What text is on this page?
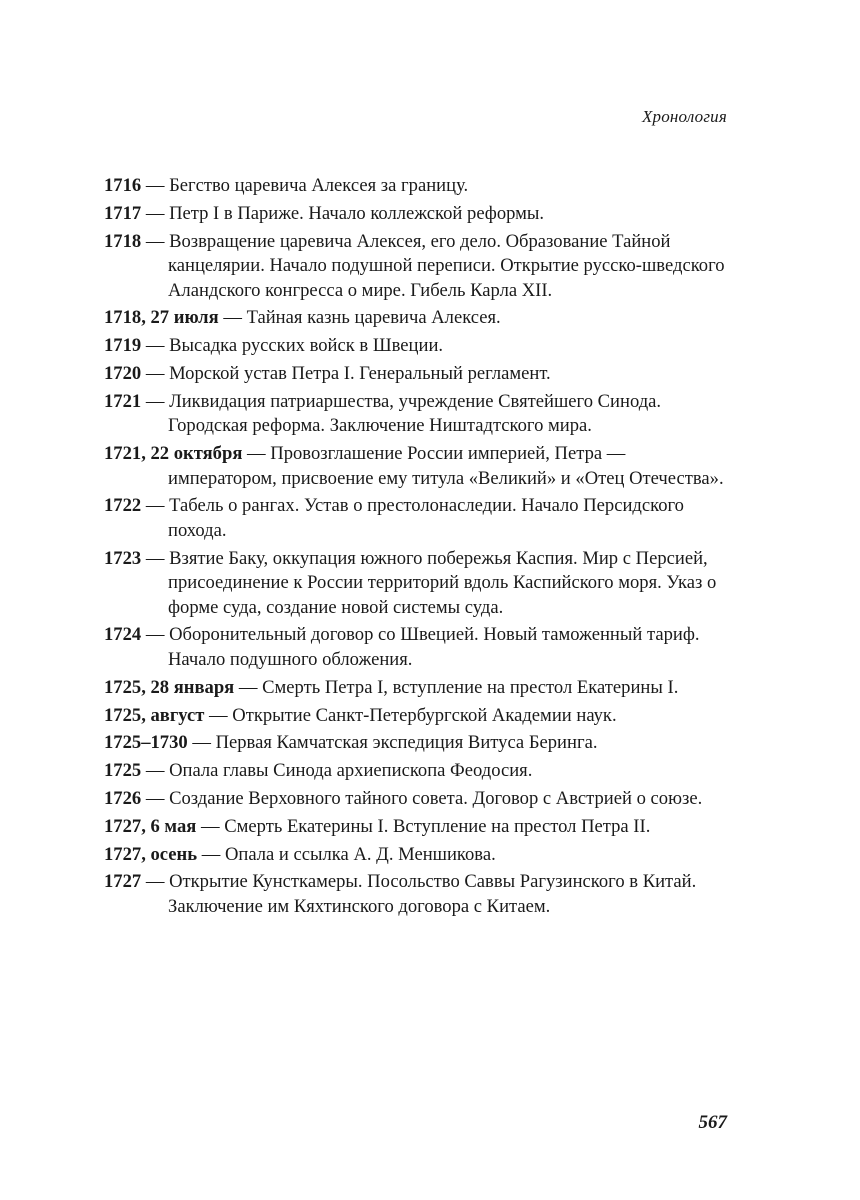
Хронология
1716 — Бегство царевича Алексея за границу.
1717 — Петр I в Париже. Начало коллежской реформы.
1718 — Возвращение царевича Алексея, его дело. Образование Тайной канцелярии. Начало подушной переписи. Открытие русско-шведского Аландского конгресса о мире. Гибель Карла XII.
1718, 27 июля — Тайная казнь царевича Алексея.
1719 — Высадка русских войск в Швеции.
1720 — Морской устав Петра I. Генеральный регламент.
1721 — Ликвидация патриаршества, учреждение Святейшего Синода. Городская реформа. Заключение Ништадтского мира.
1721, 22 октября — Провозглашение России империей, Петра — императором, присвоение ему титула «Великий» и «Отец Отечества».
1722 — Табель о рангах. Устав о престолонаследии. Начало Персидского похода.
1723 — Взятие Баку, оккупация южного побережья Каспия. Мир с Персией, присоединение к России территорий вдоль Каспийского моря. Указ о форме суда, создание новой системы суда.
1724 — Оборонительный договор со Швецией. Новый таможенный тариф. Начало подушного обложения.
1725, 28 января — Смерть Петра I, вступление на престол Екатерины I.
1725, август — Открытие Санкт-Петербургской Академии наук.
1725–1730 — Первая Камчатская экспедиция Витуса Беринга.
1725 — Опала главы Синода архиепископа Феодосия.
1726 — Создание Верховного тайного совета. Договор с Австрией о союзе.
1727, 6 мая — Смерть Екатерины I. Вступление на престол Петра II.
1727, осень — Опала и ссылка А. Д. Меншикова.
1727 — Открытие Кунсткамеры. Посольство Саввы Рагузинского в Китай. Заключение им Кяхтинского договора с Китаем.
567
